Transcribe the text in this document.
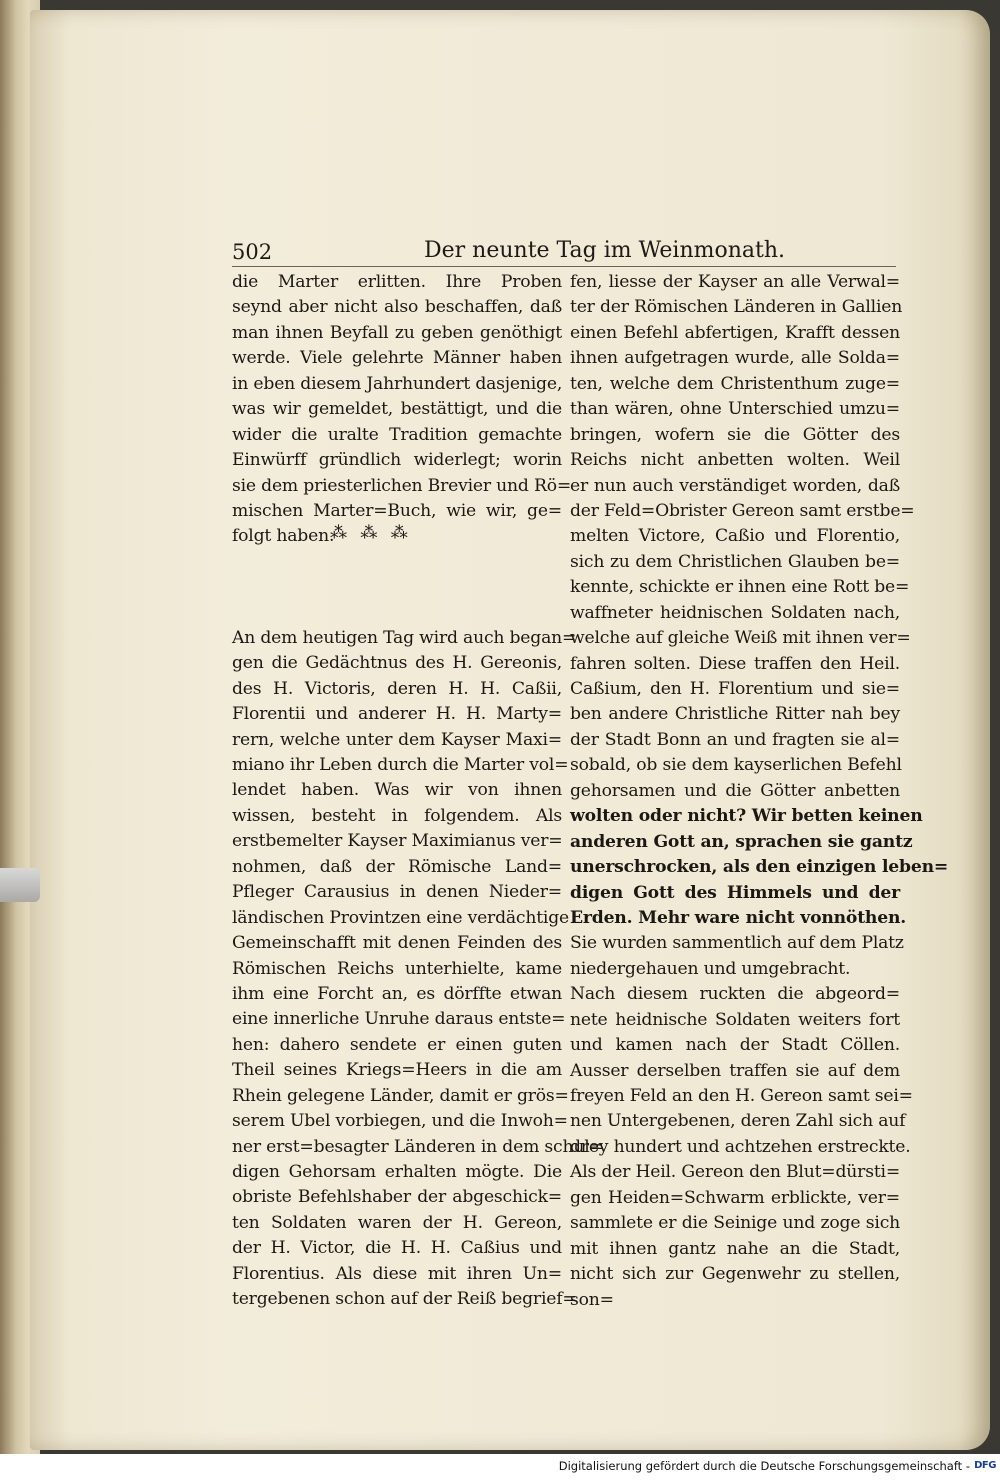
502	Der neunte Tag im Weinmonath.
die Marter erlitten. Ihre Proben
seynd aber nicht also beschaffen, daß
man ihnen Beyfall zu geben genöthigt
werde. Viele gelehrte Männer haben
in eben diesem Jahrhundert dasjenige,
was wir gemeldet, bestättigt, und die
wider die uralte Tradition gemachte
Einwürff gründlich widerlegt; worin
sie dem priesterlichen Brevier und Rö=
mischen Marter=Buch, wie wir, ge=
folgt haben.
An dem heutigen Tag wird auch began=
gen die Gedächtnus des H. Gereonis,
des H. Victoris, deren H. H. Caßii,
Florentii und anderer H. H. Marty=
rern, welche unter dem Kayser Maxi=
miano ihr Leben durch die Marter vol=
lendet haben. Was wir von ihnen
wissen, besteht in folgendem. Als
erstbemelter Kayser Maximianus ver=
nohmen, daß der Römische Land=
Pfleger Carausius in denen Nieder=
ländischen Provintzen eine verdächtige
Gemeinschafft mit denen Feinden des
Römischen Reichs unterhielte, kame
ihm eine Forcht an, es dörffte etwan
eine innerliche Unruhe daraus entste=
hen: dahero sendete er einen guten
Theil seines Kriegs=Heers in die am
Rhein gelegene Länder, damit er grös=
serem Ubel vorbiegen, und die Inwoh=
ner erst=besagter Länderen in dem schul=
digen Gehorsam erhalten mögte. Die
obriste Befehlshaber der abgeschick=
ten Soldaten waren der H. Gereon,
der H. Victor, die H. H. Caßius und
Florentius. Als diese mit ihren Un=
tergebenen schon auf der Reiß begrief=
⁂ ⁂ ⁂
fen, liesse der Kayser an alle Verwal=
ter der Römischen Länderen in Gallien
einen Befehl abfertigen, Krafft dessen
ihnen aufgetragen wurde, alle Solda=
ten, welche dem Christenthum zuge=
than wären, ohne Unterschied umzu=
bringen, wofern sie die Götter des
Reichs nicht anbetten wolten. Weil
er nun auch verständiget worden, daß
der Feld=Obrister Gereon samt erstbe=
melten Victore, Caßio und Florentio,
sich zu dem Christlichen Glauben be=
kennte, schickte er ihnen eine Rott be=
waffneter heidnischen Soldaten nach,
welche auf gleiche Weiß mit ihnen ver=
fahren solten. Diese traffen den Heil.
Caßium, den H. Florentium und sie=
ben andere Christliche Ritter nah bey
der Stadt Bonn an und fragten sie al=
sobald, ob sie dem kayserlichen Befehl
gehorsamen und die Götter anbetten
wolten oder nicht? Wir betten keinen
anderen Gott an, sprachen sie gantz
unerschrocken, als den einzigen leben=
digen Gott des Himmels und der
Erden. Mehr ware nicht vonnöthen.
Sie wurden sammentlich auf dem Platz
niedergehauen und umgebracht.
Nach diesem ruckten die abgeord=
nete heidnische Soldaten weiters fort
und kamen nach der Stadt Cöllen.
Ausser derselben traffen sie auf dem
freyen Feld an den H. Gereon samt sei=
nen Untergebenen, deren Zahl sich auf
drey hundert und achtzehen erstreckte.
Als der Heil. Gereon den Blut=dürsti=
gen Heiden=Schwarm erblickte, ver=
sammlete er die Seinige und zoge sich
mit ihnen gantz nahe an die Stadt,
nicht sich zur Gegenwehr zu stellen,
son=
Digitalisierung gefördert durch die Deutsche Forschungsgemeinschaft - DFG
